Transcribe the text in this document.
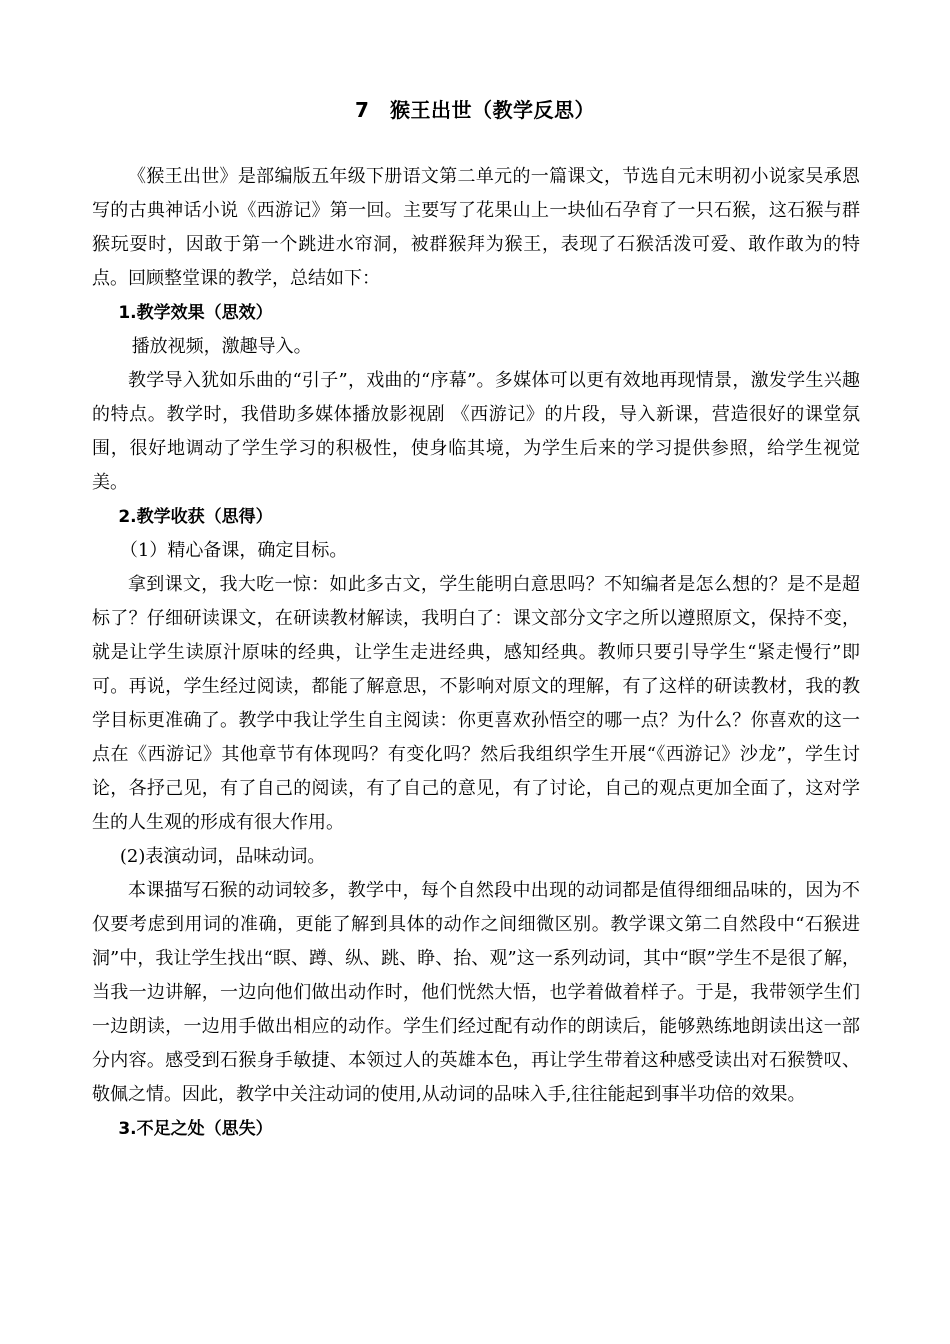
7　猴王出世（教学反思）

《猴王出世》是部编版五年级下册语文第二单元的一篇课文，节选自元末明初小说家吴承恩写的古典神话小说《西游记》第一回。主要写了花果山上一块仙石孕育了一只石猴，这石猴与群猴玩耍时，因敢于第一个跳进水帘洞，被群猴拜为猴王，表现了石猴活泼可爱、敢作敢为的特点。回顾整堂课的教学，总结如下：

1.教学效果（思效）

播放视频，激趣导入。

教学导入犹如乐曲的“引子”，戏曲的“序幕”。多媒体可以更有效地再现情景，激发学生兴趣的特点。教学时，我借助多媒体播放影视剧 《西游记》的片段，导入新课，营造很好的课堂氛围，很好地调动了学生学习的积极性，使身临其境，为学生后来的学习提供参照，给学生视觉美。

2.教学收获（思得）

（1）精心备课，确定目标。

拿到课文，我大吃一惊：如此多古文，学生能明白意思吗？不知编者是怎么想的？是不是超标了？仔细研读课文，在研读教材解读，我明白了：课文部分文字之所以遵照原文，保持不变，就是让学生读原汁原味的经典，让学生走进经典，感知经典。教师只要引导学生“紧走慢行”即可。再说，学生经过阅读，都能了解意思，不影响对原文的理解，有了这样的研读教材，我的教学目标更准确了。教学中我让学生自主阅读：你更喜欢孙悟空的哪一点？为什么？你喜欢的这一点在《西游记》其他章节有体现吗？有变化吗？然后我组织学生开展“《西游记》沙龙”，学生讨论，各抒己见，有了自己的阅读，有了自己的意见，有了讨论，自己的观点更加全面了，这对学生的人生观的形成有很大作用。

(2)表演动词，品味动词。

本课描写石猴的动词较多，教学中，每个自然段中出现的动词都是值得细细品味的，因为不仅要考虑到用词的准确，更能了解到具体的动作之间细微区别。教学课文第二自然段中“石猴进洞”中，我让学生找出“瞑、蹲、纵、跳、睁、抬、观”这一系列动词，其中“瞑”学生不是很了解，当我一边讲解，一边向他们做出动作时，他们恍然大悟，也学着做着样子。于是，我带领学生们一边朗读，一边用手做出相应的动作。学生们经过配有动作的朗读后，能够熟练地朗读出这一部分内容。感受到石猴身手敏捷、本领过人的英雄本色，再让学生带着这种感受读出对石猴赞叹、敬佩之情。因此，教学中关注动词的使用,从动词的品味入手,往往能起到事半功倍的效果。

3.不足之处（思失）
